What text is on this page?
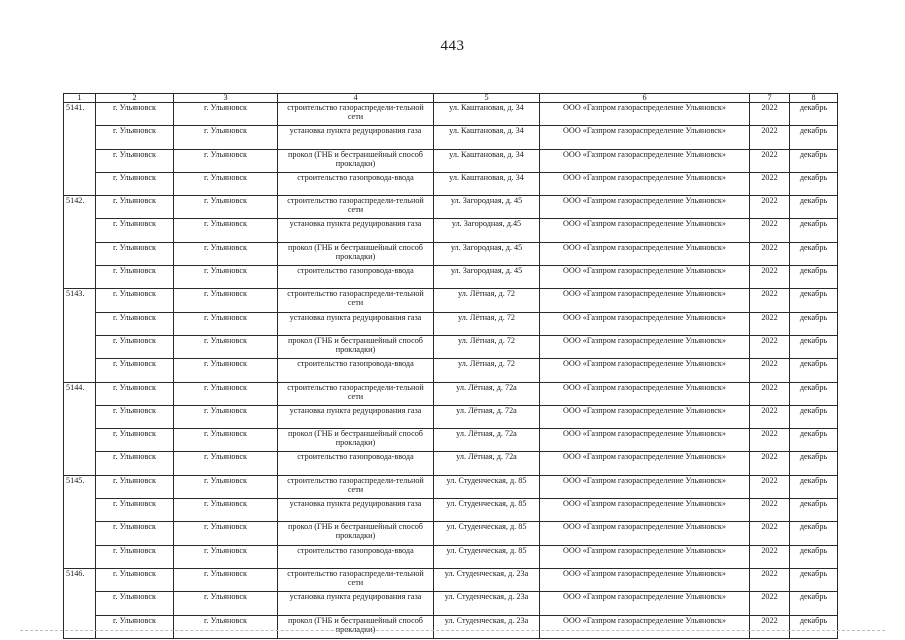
443
1	2	3	4	5	6	7	8
5141.	г. Ульяновск	г. Ульяновск	строительство газораспредели-тельной сети	ул. Каштановая, д. 34	ООО «Газпром газораспределение Ульяновск»	2022	декабрь
	г. Ульяновск	г. Ульяновск	установка пункта редуцирования газа	ул. Каштановая, д. 34	ООО «Газпром газораспределение Ульяновск»	2022	декабрь
	г. Ульяновск	г. Ульяновск	прокол (ГНБ и бестраншейный способ прокладки)	ул. Каштановая, д. 34	ООО «Газпром газораспределение Ульяновск»	2022	декабрь
	г. Ульяновск	г. Ульяновск	строительство газопровода-ввода	ул. Каштановая, д. 34	ООО «Газпром газораспределение Ульяновск»	2022	декабрь
5142.	г. Ульяновск	г. Ульяновск	строительство газораспредели-тельной сети	ул. Загородная, д. 45	ООО «Газпром газораспределение Ульяновск»	2022	декабрь
	г. Ульяновск	г. Ульяновск	установка пункта редуцирования газа	ул. Загородная, д.45	ООО «Газпром газораспределение Ульяновск»	2022	декабрь
	г. Ульяновск	г. Ульяновск	прокол (ГНБ и бестраншейный способ прокладки)	ул. Загородная, д. 45	ООО «Газпром газораспределение Ульяновск»	2022	декабрь
	г. Ульяновск	г. Ульяновск	строительство газопровода-ввода	ул. Загородная, д. 45	ООО «Газпром газораспределение Ульяновск»	2022	декабрь
5143.	г. Ульяновск	г. Ульяновск	строительство газораспредели-тельной сети	ул. Лётная, д. 72	ООО «Газпром газораспределение Ульяновск»	2022	декабрь
	г. Ульяновск	г. Ульяновск	установка пункта редуцирования газа	ул. Лётная, д. 72	ООО «Газпром газораспределение Ульяновск»	2022	декабрь
	г. Ульяновск	г. Ульяновск	прокол (ГНБ и бестраншейный способ прокладки)	ул. Лётная, д. 72	ООО «Газпром газораспределение Ульяновск»	2022	декабрь
	г. Ульяновск	г. Ульяновск	строительство газопровода-ввода	ул. Лётная, д. 72	ООО «Газпром газораспределение Ульяновск»	2022	декабрь
5144.	г. Ульяновск	г. Ульяновск	строительство газораспредели-тельной сети	ул. Лётная, д. 72а	ООО «Газпром газораспределение Ульяновск»	2022	декабрь
	г. Ульяновск	г. Ульяновск	установка пункта редуцирования газа	ул. Лётная, д. 72а	ООО «Газпром газораспределение Ульяновск»	2022	декабрь
	г. Ульяновск	г. Ульяновск	прокол (ГНБ и бестраншейный способ прокладки)	ул. Лётная, д. 72а	ООО «Газпром газораспределение Ульяновск»	2022	декабрь
	г. Ульяновск	г. Ульяновск	строительство газопровода-ввода	ул. Лётная, д. 72а	ООО «Газпром газораспределение Ульяновск»	2022	декабрь
5145.	г. Ульяновск	г. Ульяновск	строительство газораспредели-тельной сети	ул. Студенческая, д. 85	ООО «Газпром газораспределение Ульяновск»	2022	декабрь
	г. Ульяновск	г. Ульяновск	установка пункта редуцирования газа	ул. Студенческая, д. 85	ООО «Газпром газораспределение Ульяновск»	2022	декабрь
	г. Ульяновск	г. Ульяновск	прокол (ГНБ и бестраншейный способ прокладки)	ул. Студенческая, д. 85	ООО «Газпром газораспределение Ульяновск»	2022	декабрь
	г. Ульяновск	г. Ульяновск	строительство газопровода-ввода	ул. Студенческая, д. 85	ООО «Газпром газораспределение Ульяновск»	2022	декабрь
5146.	г. Ульяновск	г. Ульяновск	строительство газораспредели-тельной сети	ул. Студенческая, д. 23а	ООО «Газпром газораспределение Ульяновск»	2022	декабрь
	г. Ульяновск	г. Ульяновск	установка пункта редуцирования газа	ул. Студенческая, д. 23а	ООО «Газпром газораспределение Ульяновск»	2022	декабрь
	г. Ульяновск	г. Ульяновск	прокол (ГНБ и бестраншейный способ прокладки)	ул. Студенческая, д. 23а	ООО «Газпром газораспределение Ульяновск»	2022	декабрь
